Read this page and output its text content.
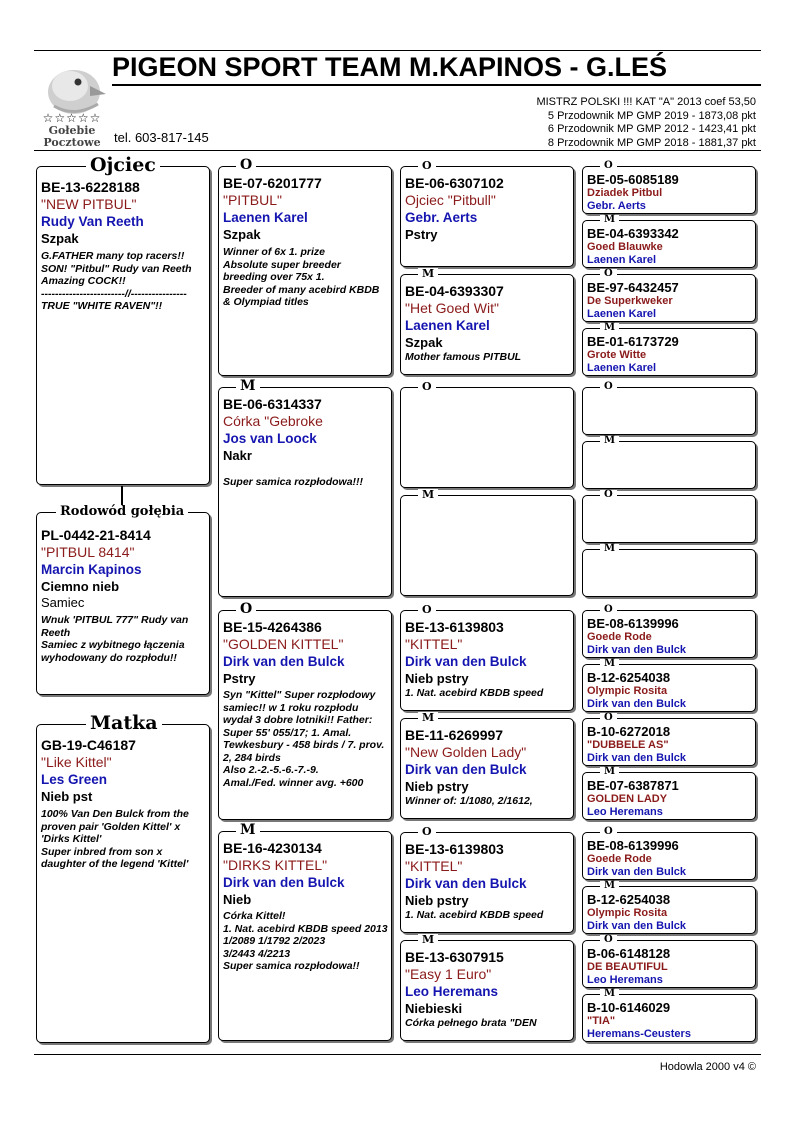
☆☆☆☆☆
Gołebie
Pocztowe
PIGEON SPORT TEAM M.KAPINOS - G.LEŚ
MISTRZ POLSKI !!! KAT "A" 2013 coef 53,50
5 Przodownik MP GMP 2019 - 1873,08 pkt
6 Przodownik MP GMP 2012 - 1423,41 pkt
8 Przodownik MP GMP 2018 - 1881,37 pkt
tel. 603-817-145
BE-13-6228188
"NEW PITBUL"
Rudy Van Reeth
Szpak
G.FATHER many top racers!! SON! "Pitbul" Rudy van Reeth
Amazing COCK!!
------------------------//----------------
TRUE "WHITE RAVEN"!!
Ojciec
PL-0442-21-8414
"PITBUL 8414"
Marcin Kapinos
Ciemno nieb
Samiec
Wnuk 'PITBUL 777" Rudy van Reeth
Samiec z wybitnego łączenia wyhodowany do rozpłodu!!
Rodowód gołębia
GB-19-C46187
"Like Kittel"
Les Green
Nieb pst
100% Van Den Bulck from the proven pair 'Golden Kittel' x 'Dirks Kittel'
Super inbred from son x daughter of the legend 'Kittel'
Matka
BE-07-6201777
"PITBUL"
Laenen Karel
Szpak
Winner of 6x 1. prize
Absolute super breeder breeding over 75x 1.
Breeder of many acebird KBDB & Olympiad titles
O
BE-06-6314337
Córka "Gebroke
Jos van Loock
Nakr
Super samica rozpłodowa!!!
M
BE-15-4264386
"GOLDEN KITTEL"
Dirk van den Bulck
Pstry
Syn "Kittel" Super rozpłodowy samiec!! w 1 roku rozpłodu wydał 3 dobre lotniki!! Father:
Super 55' 055/17; 1. Amal. Tewkesbury - 458 birds / 7. prov. 2, 284 birds
Also 2.-2.-5.-6.-7.-9.
Amal./Fed. winner avg. +600
O
BE-16-4230134
"DIRKS KITTEL"
Dirk van den Bulck
Nieb
Córka Kittel!
1. Nat. acebird KBDB speed 2013
1/2089 1/1792 2/2023
3/2443 4/2213
Super samica rozpłodowa!!
M
BE-06-6307102
Ojciec "Pitbull"
Gebr. Aerts
Pstry
O
BE-04-6393307
"Het Goed Wit"
Laenen Karel
Szpak
Mother famous PITBUL
M
O
M
BE-13-6139803
"KITTEL"
Dirk van den Bulck
Nieb pstry
1. Nat. acebird KBDB speed
O
BE-11-6269997
"New Golden Lady"
Dirk van den Bulck
Nieb pstry
Winner of: 1/1080, 2/1612,
M
BE-13-6139803
"KITTEL"
Dirk van den Bulck
Nieb pstry
1. Nat. acebird KBDB speed
O
BE-13-6307915
"Easy 1 Euro"
Leo Heremans
Niebieski
Córka pełnego brata "DEN
M
BE-05-6085189
Dziadek Pitbul
Gebr. Aerts
O
BE-04-6393342
Goed Blauwke
Laenen Karel
M
BE-97-6432457
De Superkweker
Laenen Karel
O
BE-01-6173729
Grote Witte
Laenen Karel
M
O
M
O
M
BE-08-6139996
Goede Rode
Dirk van den Bulck
O
B-12-6254038
Olympic Rosita
Dirk van den Bulck
M
B-10-6272018
"DUBBELE AS"
Dirk van den Bulck
O
BE-07-6387871
GOLDEN LADY
Leo Heremans
M
BE-08-6139996
Goede Rode
Dirk van den Bulck
O
B-12-6254038
Olympic Rosita
Dirk van den Bulck
M
B-06-6148128
DE BEAUTIFUL
Leo Heremans
O
B-10-6146029
"TIA"
Heremans-Ceusters
M
Hodowla 2000 v4 ©
